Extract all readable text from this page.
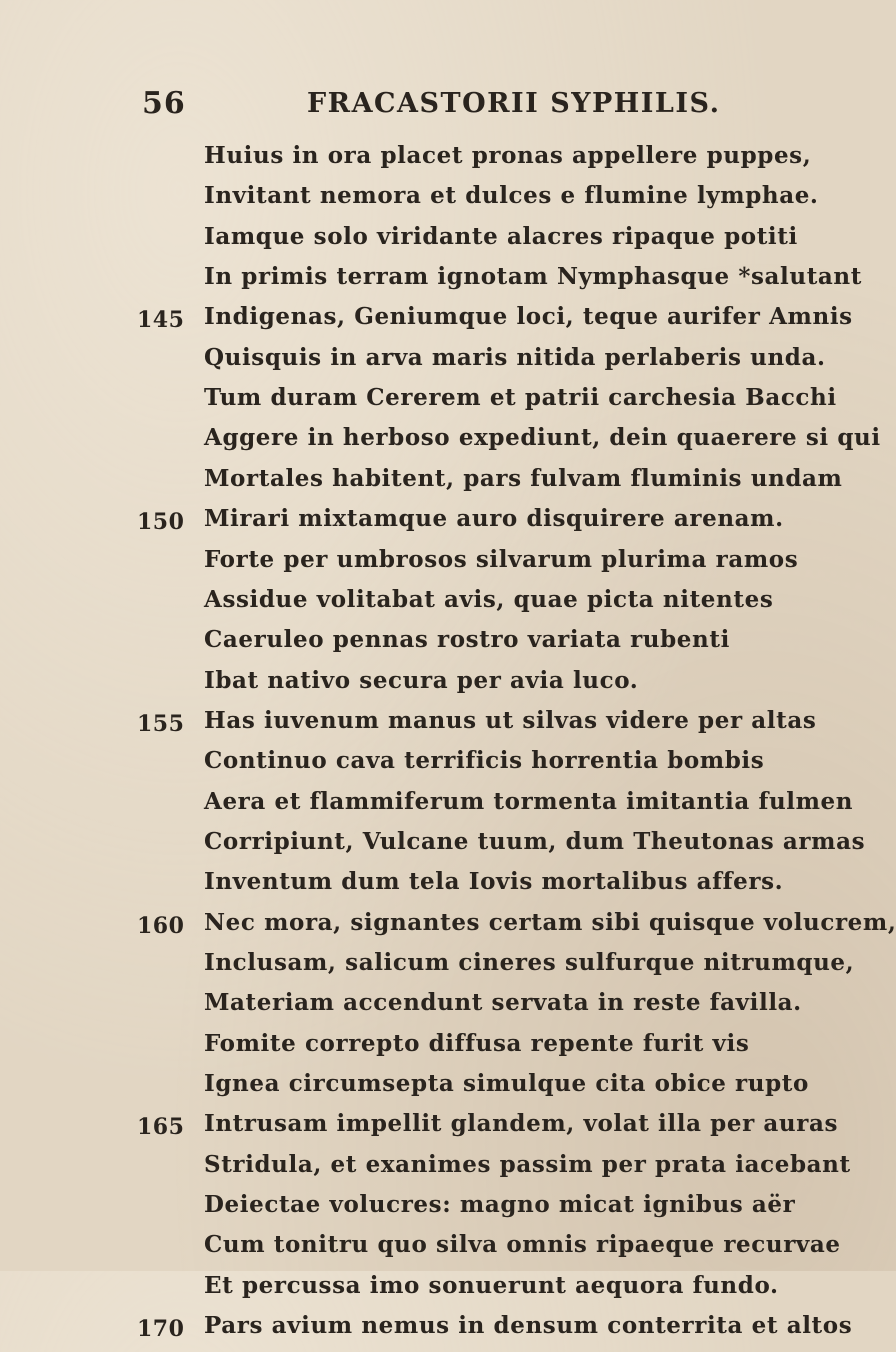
56	FRACASTORII SYPHILIS.
Huius in ora placet pronas appellere puppes,
Invitant nemora et dulces e flumine lymphae.
Iamque solo viridante alacres ripaque potiti
In primis terram ignotam Nymphasque *salutant
145 Indigenas, Geniumque loci, teque aurifer Amnis
Quisquis in arva maris nitida perlaberis unda.
Tum duram Cererem et patrii carchesia Bacchi
Aggere in herboso expediunt, dein quaerere si qui
Mortales habitent, pars fulvam fluminis undam
150 Mirari mixtamque auro disquirere arenam.
Forte per umbrosos silvarum plurima ramos
Assidue volitabat avis, quae picta nitentes
Caeruleo pennas rostro variata rubenti
Ibat nativo secura per avia luco.
155 Has iuvenum manus ut silvas videre per altas
Continuo cava terrificis horrentia bombis
Aera et flammiferum tormenta imitantia fulmen
Corripiunt, Vulcane tuum, dum Theutonas armas
Inventum dum tela Iovis mortalibus affers.
160 Nec mora, signantes certam sibi quisque volucrem,
Inclusam, salicum cineres sulfurque nitrumque,
Materiam accendunt servata in reste favilla.
Fomite correpto diffusa repente furit vis
Ignea circumsepta simulque cita obice rupto
165 Intrusam impellit glandem, volat illa per auras
Stridula, et exanimes passim per prata iacebant
Deiectae volucres: magno micat ignibus aër
Cum tonitru quo silva omnis ripaeque recurvae
Et percussa imo sonuerunt aequora fundo.
170 Pars avium nemus in densum conterrita et altos
